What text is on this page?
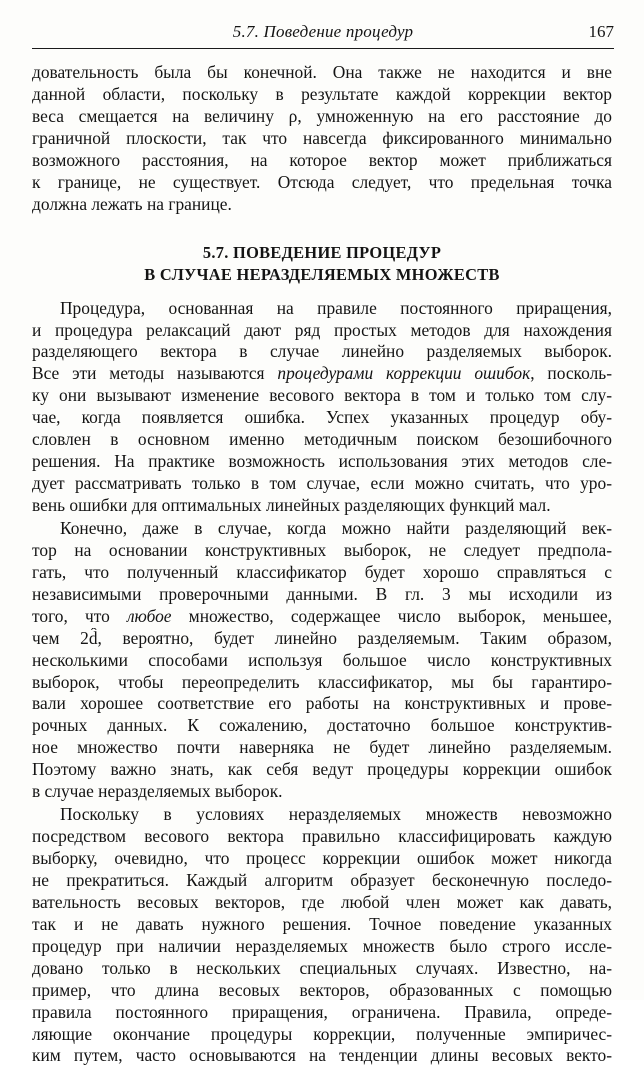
5.7. Поведение процедур	167
довательность была бы конечной. Она также не находится и вне
данной области, поскольку в результате каждой коррекции вектор
веса смещается на величину ρ, умноженную на его расстояние до
граничной плоскости, так что навсегда фиксированного минимально
возможного расстояния, на которое вектор может приближаться
к границе, не существует. Отсюда следует, что предельная точка
должна лежать на границе.
5.7. ПОВЕДЕНИЕ ПРОЦЕДУР
В СЛУЧАЕ НЕРАЗДЕЛЯЕМЫХ МНОЖЕСТВ
Процедура, основанная на правиле постоянного приращения,
и процедура релаксаций дают ряд простых методов для нахождения
разделяющего вектора в случае линейно разделяемых выборок.
Все эти методы называются процедурами коррекции ошибок, посколь-
ку они вызывают изменение весового вектора в том и только том слу-
чае, когда появляется ошибка. Успех указанных процедур обу-
словлен в основном именно методичным поиском безошибочного
решения. На практике возможность использования этих методов сле-
дует рассматривать только в том случае, если можно считать, что уро-
вень ошибки для оптимальных линейных разделяющих функций мал.
Конечно, даже в случае, когда можно найти разделяющий век-
тор на основании конструктивных выборок, не следует предпола-
гать, что полученный классификатор будет хорошо справляться с
независимыми проверочными данными. В гл. 3 мы исходили из
того, что любое множество, содержащее число выборок, меньшее,
чем 2d̂, вероятно, будет линейно разделяемым. Таким образом,
несколькими способами используя большое число конструктивных
выборок, чтобы переопределить классификатор, мы бы гарантиро-
вали хорошее соответствие его работы на конструктивных и прове-
рочных данных. К сожалению, достаточно большое конструктив-
ное множество почти наверняка не будет линейно разделяемым.
Поэтому важно знать, как себя ведут процедуры коррекции ошибок
в случае неразделяемых выборок.
Поскольку в условиях неразделяемых множеств невозможно
посредством весового вектора правильно классифицировать каждую
выборку, очевидно, что процесс коррекции ошибок может никогда
не прекратиться. Каждый алгоритм образует бесконечную последо-
вательность весовых векторов, где любой член может как давать,
так и не давать нужного решения. Точное поведение указанных
процедур при наличии неразделяемых множеств было строго иссле-
довано только в нескольких специальных случаях. Известно, на-
пример, что длина весовых векторов, образованных с помощью
правила постоянного приращения, ограничена. Правила, опреде-
ляющие окончание процедуры коррекции, полученные эмпиричес-
ким путем, часто основываются на тенденции длины весовых векто-
